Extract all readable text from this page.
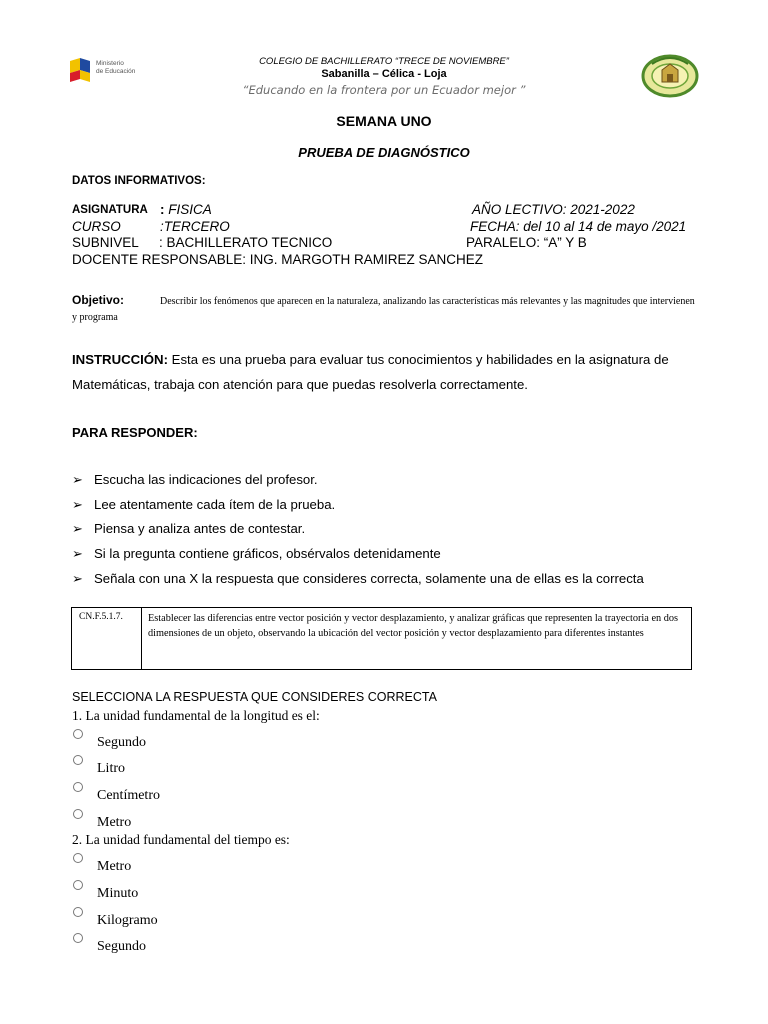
Ministerio
de Educación
COLEGIO DE BACHILLERATO “TRECE DE NOVIEMBRE”
Sabanilla – Célica - Loja
“Educando en la frontera por un Ecuador mejor ”
SEMANA UNO
PRUEBA DE DIAGNÓSTICO
DATOS INFORMATIVOS:
ASIGNATURA : FISICA	AÑO LECTIVO: 2021-2022
CURSO	:TERCERO	FECHA: del 10 al 14 de mayo /2021
SUBNIVEL : BACHILLERATO TECNICO	PARALELO: “A” Y B
DOCENTE RESPONSABLE: ING. MARGOTH RAMIREZ SANCHEZ
Describir los fenómenos que aparecen en la naturaleza, analizando las características más relevantes y las magnitudes que intervienen y programa
Objetivo:
INSTRUCCIÓN: Esta es una prueba para evaluar tus conocimientos y habilidades en la asignatura de Matemáticas, trabaja con atención para que puedas resolverla correctamente.
PARA RESPONDER:
➢ Escucha las indicaciones del profesor.
➢ Lee atentamente cada ítem de la prueba.
➢ Piensa y analiza antes de contestar.
➢ Si la pregunta contiene gráficos, obsérvalos detenidamente
➢ Señala con una X la respuesta que consideres correcta, solamente una de ellas es la correcta
CN.F.5.1.7.	Establecer las diferencias entre vector posición y vector desplazamiento, y analizar gráficas que representen la trayectoria en dos dimensiones de un objeto, observando la ubicación del vector posición y vector desplazamiento para diferentes instantes
SELECCIONA LA RESPUESTA QUE CONSIDERES CORRECTA
1. La unidad fundamental de la longitud es el:
Segundo
Litro
Centímetro
Metro
2. La unidad fundamental del tiempo es:
Metro
Minuto
Kilogramo
Segundo
